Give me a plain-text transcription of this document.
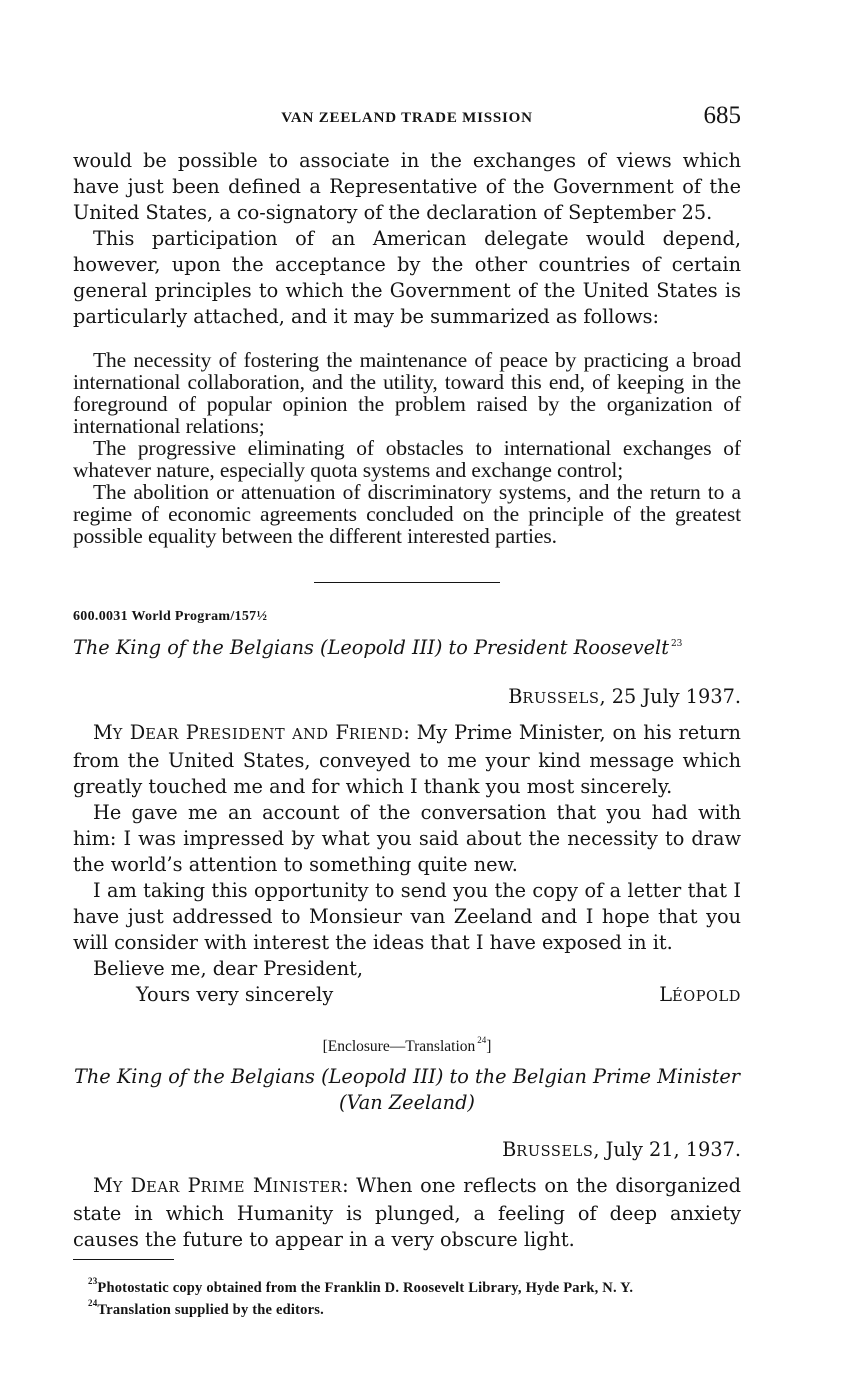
VAN ZEELAND TRADE MISSION	685

would be possible to associate in the exchanges of views which have just been defined a Representative of the Government of the United States, a co-signatory of the declaration of September 25.

This participation of an American delegate would depend, however, upon the acceptance by the other countries of certain general principles to which the Government of the United States is particularly attached, and it may be summarized as follows:

The necessity of fostering the maintenance of peace by practicing a broad international collaboration, and the utility, toward this end, of keeping in the foreground of popular opinion the problem raised by the organization of international relations;

The progressive eliminating of obstacles to international exchanges of whatever nature, especially quota systems and exchange control;

The abolition or attenuation of discriminatory systems, and the return to a regime of economic agreements concluded on the principle of the greatest possible equality between the different interested parties.

600.0031 World Program/157½
The King of the Belgians (Leopold III) to President Roosevelt $^{23}$
BRUSSELS, 25 July 1937.

MY DEAR PRESIDENT AND FRIEND: My Prime Minister, on his return from the United States, conveyed to me your kind message which greatly touched me and for which I thank you most sincerely.

He gave me an account of the conversation that you had with him: I was impressed by what you said about the necessity to draw the world’s attention to something quite new.

I am taking this opportunity to send you the copy of a letter that I have just addressed to Monsieur van Zeeland and I hope that you will consider with interest the ideas that I have exposed in it.

Believe me, dear President,
Yours very sincerely	LÉOPOLD
[Enclosure—Translation $^{24}$]
The King of the Belgians (Leopold III) to the Belgian Prime Minister
(Van Zeeland)
BRUSSELS, July 21, 1937.

MY DEAR PRIME MINISTER: When one reflects on the disorganized state in which Humanity is plunged, a feeling of deep anxiety causes the future to appear in a very obscure light.

$^{23}$Photostatic copy obtained from the Franklin D. Roosevelt Library, Hyde Park, N. Y.

$^{24}$Translation supplied by the editors.
